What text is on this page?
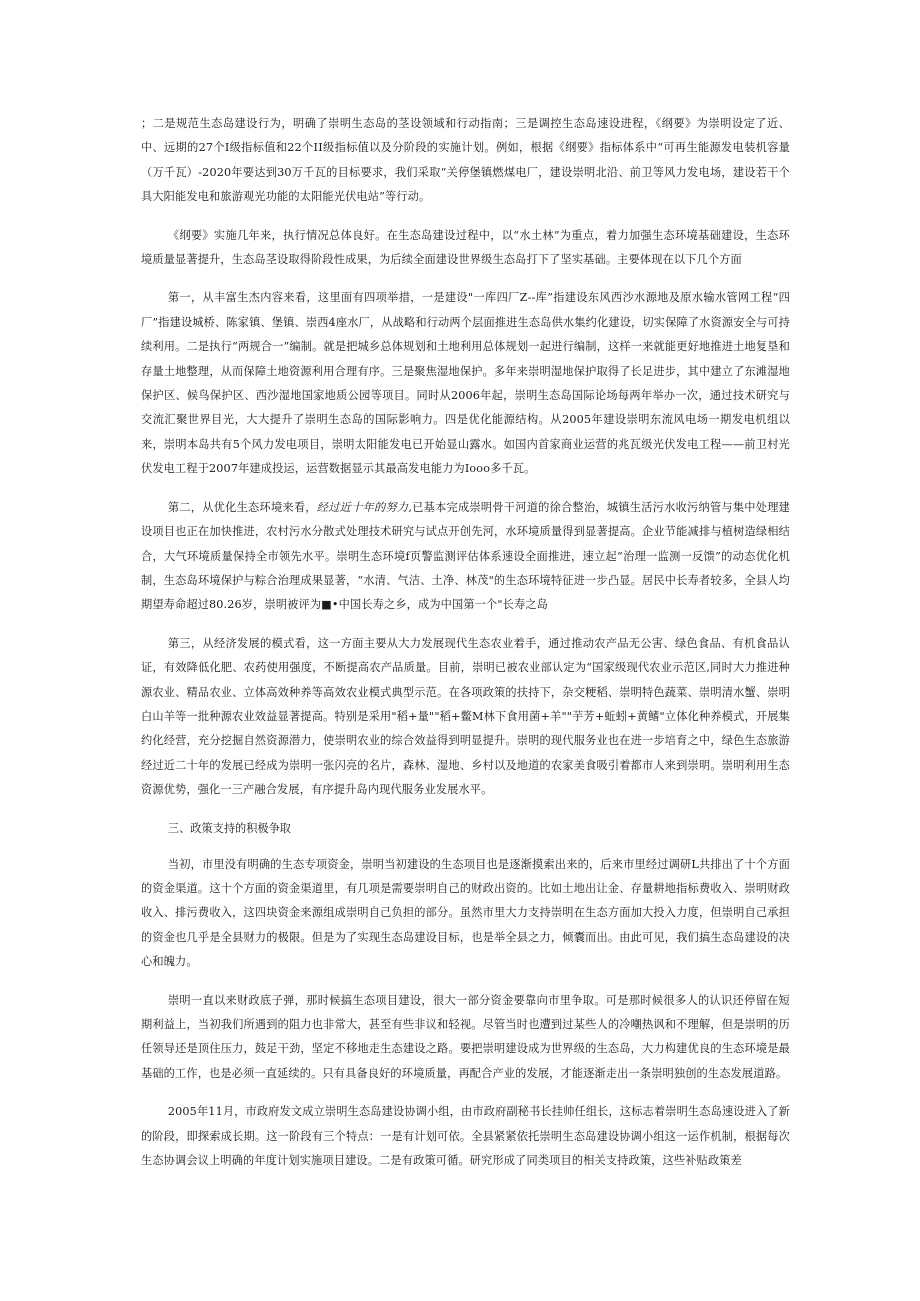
；二是规范生态岛建设行为，明确了崇明生态岛的茎设领域和行动指南；三是调控生态岛速设进程，《纲要》为崇明设定了近、中、远期的27个Ⅰ级指标值和22个ⅠⅠ级指标值以及分阶段的实施计划。例如，根据《纲要》指标体系中“可再生能源发电装机容量（万千瓦）-2020年要达到30万千瓦的目标要求，我们采取“关停堡镇燃煤电厂，建设崇明北沿、前卫等风力发电场，建设若干个具大阳能发电和旅游观光功能的太阳能光伏电站”等行动。

《纲要》实施几年来，执行情况总体良好。在生态岛建设过程中，以“水土林”为重点，着力加强生态环境基础建设，生态环境质量显著提升，生态岛茎设取得阶段性成果，为后续全面建设世界级生态岛打下了坚实基础。主要体现在以下几个方面

第一，从丰富生杰内容来看，这里面有四项举措，一是建设"一库四厂Z--库”指建设东风西沙水源地及原水输水管网工程“四厂”指建设城桥、陈家镇、堡镇、崇西4座水厂，从战略和行动两个层面推进生态岛供水集约化建设，切实保障了水资源安全与可持续利用。二是执行“两规合一”编制。就是把城乡总体规划和土地利用总体规划一起进行编制，这样一来就能更好地推进土地复垦和存量土地整理，从而保障土地资源利用合理有序。三是聚焦湿地保护。多年来崇明湿地保护取得了长足进步，其中建立了东滩湿地保护区、候鸟保护区、西沙湿地国家地质公园等项目。同时从2006年起，崇明生态岛国际论场每两年举办一次，通过技术研究与交流汇聚世界目光，大大提升了崇明生态岛的国际影响力。四是优化能源结构。从2005年建设崇明东流风电场一期发电机组以来，崇明本岛共有5个风力发电项目，崇明太阳能发电已开始显山露水。如国内首家商业运营的兆瓦级光伏发电工程——前卫村光伏发电工程于2007年建成投运，运营数据显示其最高发电能力为Iooo多千瓦。

第二，从优化生态环境来看，经过近十年的努力,已基本完成崇明骨干河道的徐合整治，城镇生活污水收污纳管与集中处理建设项目也正在加快推进，农村污水分散式处理技术研究与试点开创先河，水环境质量得到显著提高。企业节能减排与植树造绿相结合，大气环境质量保持全市领先水平。崇明生态环境f页警监测评估体系速设全面推进，速立起“治理一监测一反馈”的动态优化机制，生态岛环境保护与粽合治理成果显著，“水清、气洁、土净、林茂"的生态环境特征进一步凸显。居民中长寿者较多，全县人均期望寿命超过80.26岁，崇明被评为■•中国长寿之乡，成为中国第一个"长寿之岛

第三，从经济发展的模式看，这一方面主要从大力发展现代生态农业着手，通过推动农产品无公害、绿色食品、有机食品认证，有效降低化肥、农药使用强度，不断提高农产品质量。目前，崇明已被农业部认定为“国家级现代农业示范区,同时大力推进种源农业、精品农业、立体高效种养等高效农业模式典型示范。在各项政策的扶持下，杂交粳稻、崇明特色蔬菜、崇明清水蟹、崇明白山羊等一批种源农业效益显著提高。特别是采用"稻+量""稻+鳖M林下食用菌+羊""芋芳+蚯蚓+黄鳍"立体化种养模式，开展集约化经营，充分挖掘自然资源潜力，使崇明农业的综合效益得到明显提升。崇明的现代服务业也在进一步培育之中，绿色生态旅游经过近二十年的发展已经成为崇明一张闪亮的名片，森林、湿地、乡村以及地道的农家美食吸引着都市人来到崇明。崇明利用生态资源优势，强化一三产融合发展，有序提升岛内现代服务业发展水平。

三、政策支持的积极争取

当初，市里没有明确的生态专项资金，崇明当初建设的生态项目也是逐渐摸索出来的，后来市里经过调研L共排出了十个方面的资金渠道。这十个方面的资金渠道里，有几项是需要崇明自己的财政出资的。比如土地出让金、存量耕地指标费收入、崇明财政收入、排污费收入，这四块资金来源组成崇明自己负担的部分。虽然市里大力支持崇明在生态方面加大投入力度，但崇明自己承担的资金也几乎是全县财力的极限。但是为了实现生态岛建设目标，也是举全县之力，倾囊而出。由此可见，我们搞生态岛建设的决心和魄力。

崇明一直以来财政底子弹，那时候搞生态项目建设，很大一部分资金要靠向市里争取。可是那时候很多人的认识还停留在短期利益上，当初我们所遇到的阻力也非常大，甚至有些非议和轻视。尽管当时也遭到过某些人的冷嘲热讽和不理解，但是崇明的历任领导还是顶住压力，鼓足干劲，坚定不移地走生态建设之路。要把崇明建设成为世界级的生态岛，大力构建优良的生态环境是最基础的工作，也是必须一直延续的。只有具备良好的环境质量，再配合产业的发展，才能逐渐走出一条崇明独创的生态发展道路。

2005年11月，市政府发文成立崇明生态岛建设协调小组，由市政府副秘书长挂帅任组长，这标志着崇明生态岛速设进入了新的阶段，即探索成长期。这一阶段有三个特点：一是有计划可依。全县紧紧依托崇明生态岛建设协调小组这一运作机制，根据每次生态协调会议上明确的年度计划实施项目建设。二是有政策可循。研究形成了同类项目的相关支持政策，这些补贴政策差
